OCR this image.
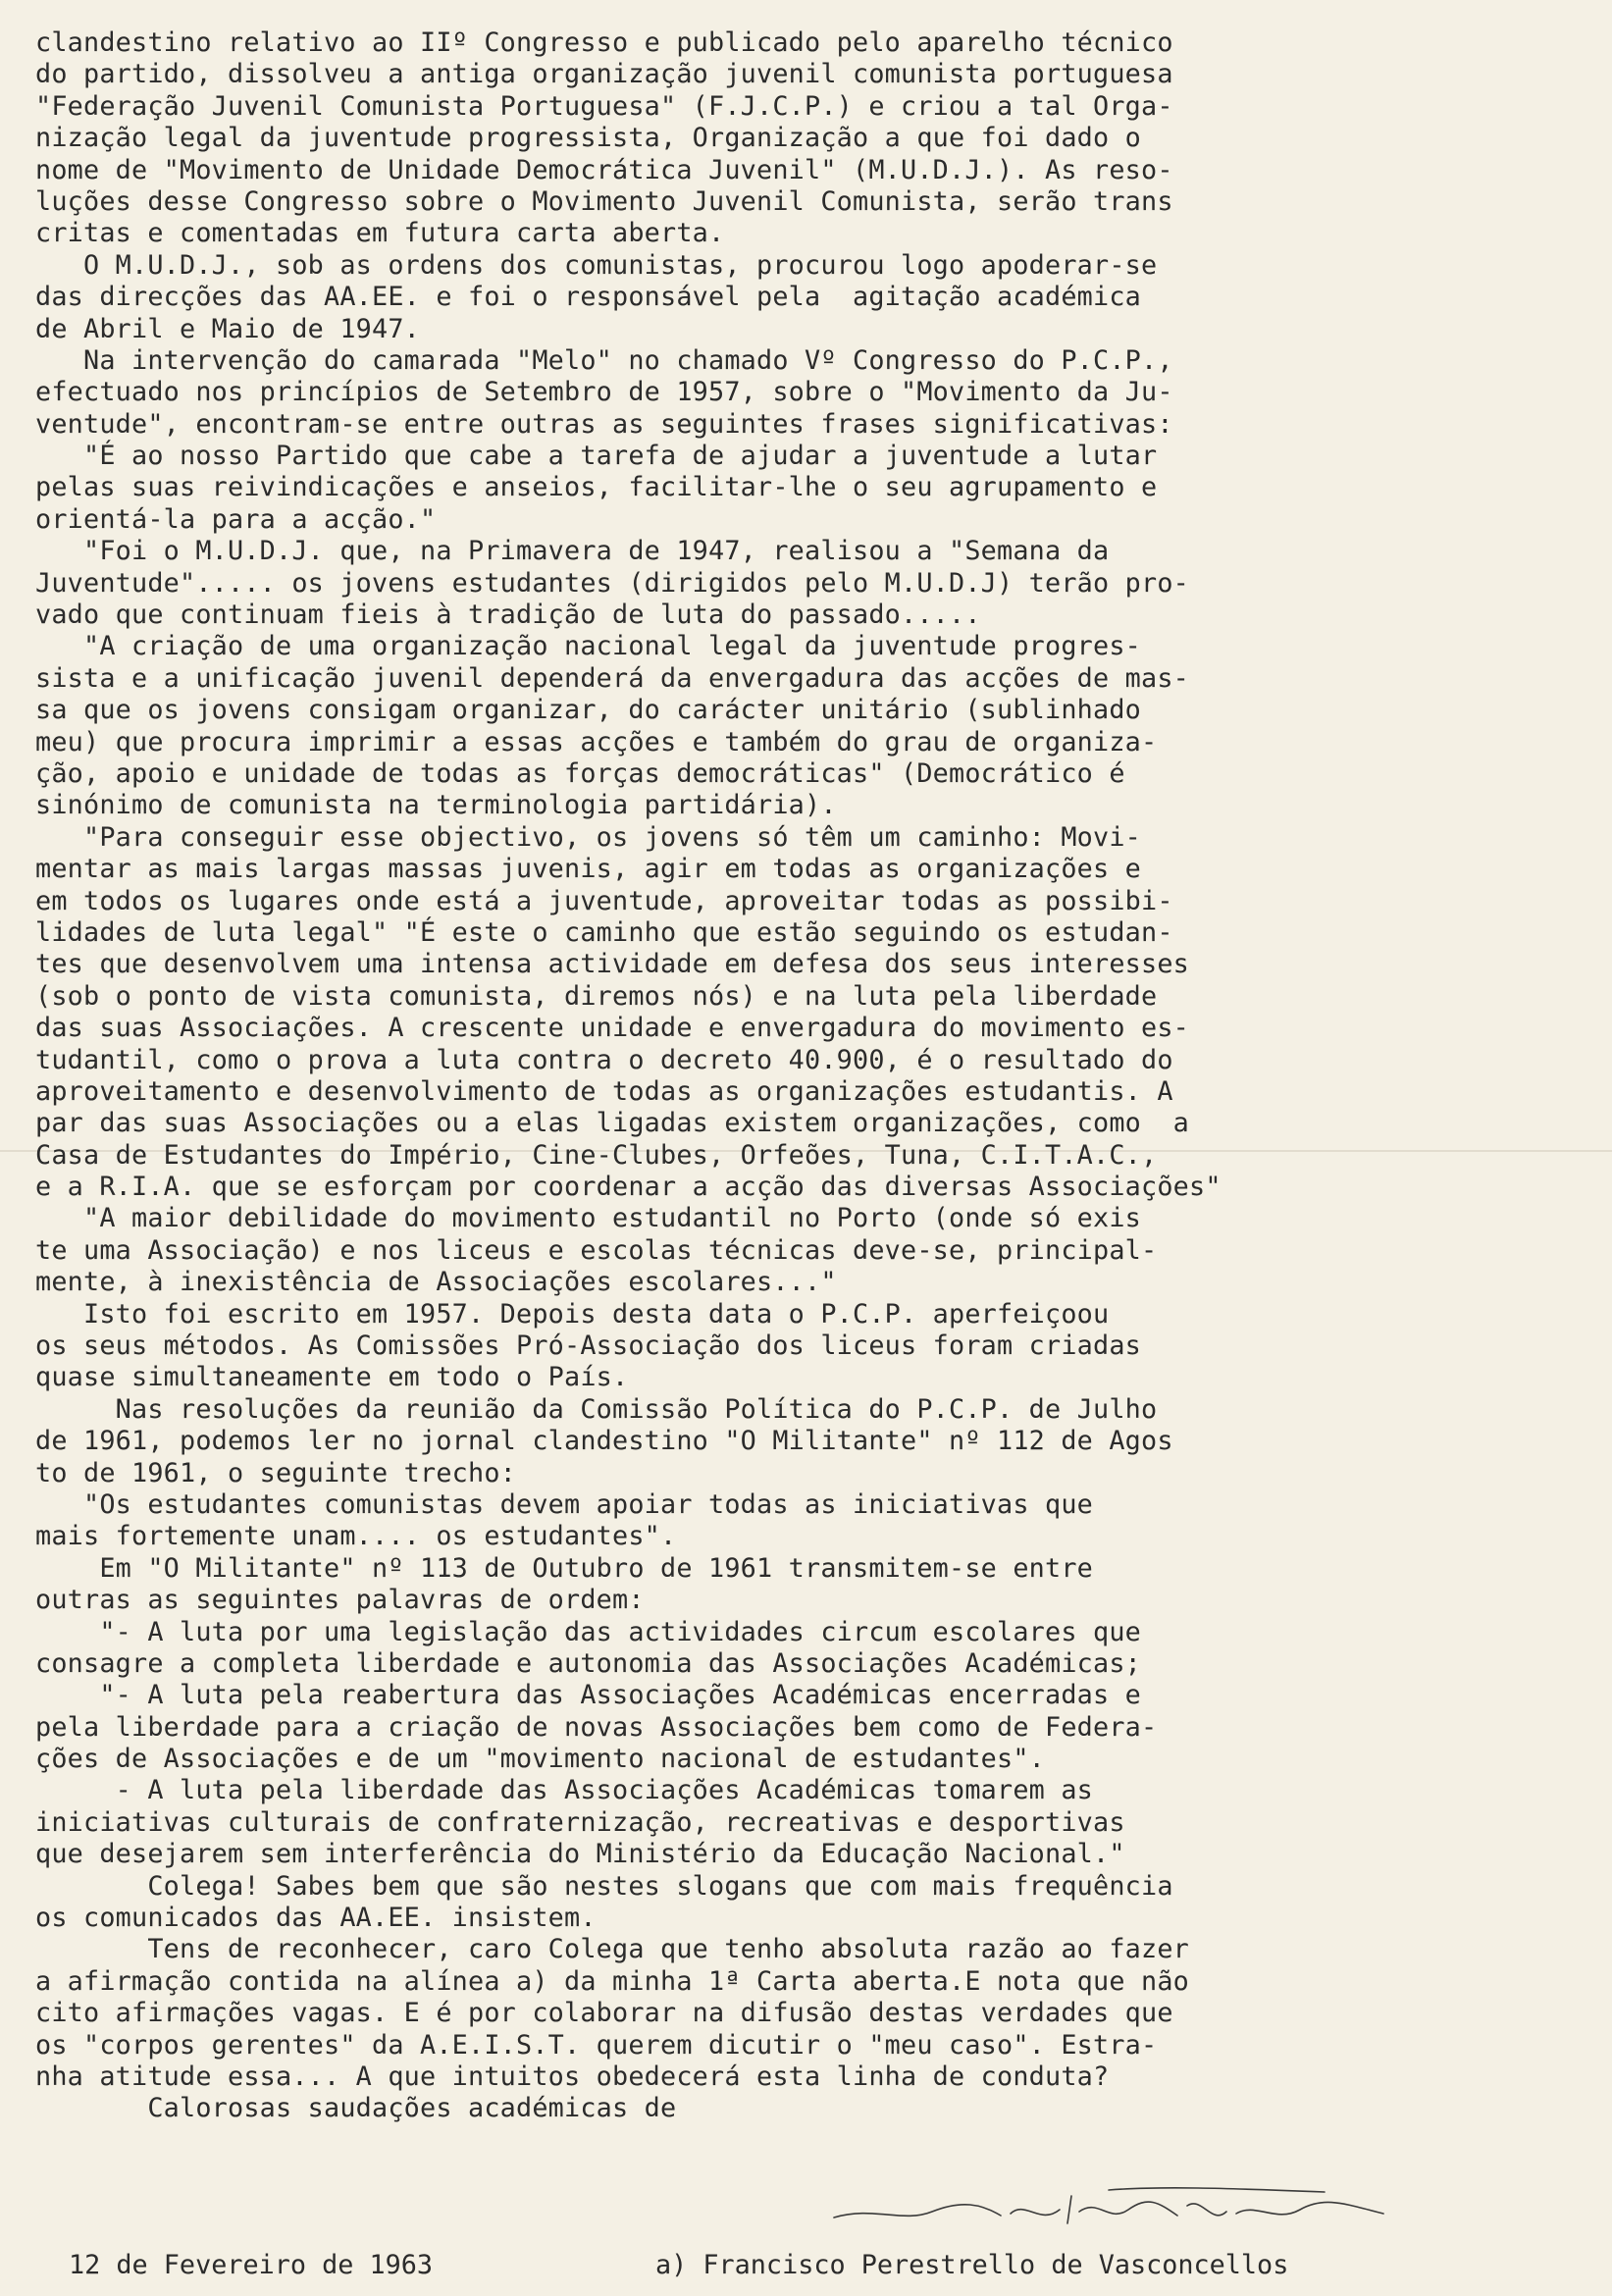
clandestino relativo ao IIº Congresso e publicado pelo aparelho técnico
do partido, dissolveu a antiga organização juvenil comunista portuguesa
"Federação Juvenil Comunista Portuguesa" (F.J.C.P.) e criou a tal Orga-
nização legal da juventude progressista, Organização a que foi dado o
nome de "Movimento de Unidade Democrática Juvenil" (M.U.D.J.). As reso-
luções desse Congresso sobre o Movimento Juvenil Comunista, serão trans
critas e comentadas em futura carta aberta.
O M.U.D.J., sob as ordens dos comunistas, procurou logo apoderar-se
das direcções das AA.EE. e foi o responsável pela  agitação académica
de Abril e Maio de 1947.
Na intervenção do camarada "Melo" no chamado Vº Congresso do P.C.P.,
efectuado nos princípios de Setembro de 1957, sobre o "Movimento da Ju-
ventude", encontram-se entre outras as seguintes frases significativas:
"É ao nosso Partido que cabe a tarefa de ajudar a juventude a lutar
pelas suas reivindicações e anseios, facilitar-lhe o seu agrupamento e
orientá-la para a acção."
"Foi o M.U.D.J. que, na Primavera de 1947, realisou a "Semana da
Juventude"..... os jovens estudantes (dirigidos pelo M.U.D.J) terão pro-
vado que continuam fieis à tradição de luta do passado.....
"A criação de uma organização nacional legal da juventude progres-
sista e a unificação juvenil dependerá da envergadura das acções de mas-
sa que os jovens consigam organizar, do carácter unitário (sublinhado
meu) que procura imprimir a essas acções e também do grau de organiza-
ção, apoio e unidade de todas as forças democráticas" (Democrático é
sinónimo de comunista na terminologia partidária).
"Para conseguir esse objectivo, os jovens só têm um caminho: Movi-
mentar as mais largas massas juvenis, agir em todas as organizações e
em todos os lugares onde está a juventude, aproveitar todas as possibi-
lidades de luta legal" "É este o caminho que estão seguindo os estudan-
tes que desenvolvem uma intensa actividade em defesa dos seus interesses
(sob o ponto de vista comunista, diremos nós) e na luta pela liberdade
das suas Associações. A crescente unidade e envergadura do movimento es-
tudantil, como o prova a luta contra o decreto 40.900, é o resultado do
aproveitamento e desenvolvimento de todas as organizações estudantis. A
par das suas Associações ou a elas ligadas existem organizações, como  a
Casa de Estudantes do Império, Cine-Clubes, Orfeões, Tuna, C.I.T.A.C.,
e a R.I.A. que se esforçam por coordenar a acção das diversas Associações"
"A maior debilidade do movimento estudantil no Porto (onde só exis
te uma Associação) e nos liceus e escolas técnicas deve-se, principal-
mente, à inexistência de Associações escolares..."
Isto foi escrito em 1957. Depois desta data o P.C.P. aperfeiçoou
os seus métodos. As Comissões Pró-Associação dos liceus foram criadas
quase simultaneamente em todo o País.
Nas resoluções da reunião da Comissão Política do P.C.P. de Julho
de 1961, podemos ler no jornal clandestino "O Militante" nº 112 de Agos
to de 1961, o seguinte trecho:
"Os estudantes comunistas devem apoiar todas as iniciativas que
mais fortemente unam.... os estudantes".
Em "O Militante" nº 113 de Outubro de 1961 transmitem-se entre
outras as seguintes palavras de ordem:
"- A luta por uma legislação das actividades circum escolares que
consagre a completa liberdade e autonomia das Associações Académicas;
"- A luta pela reabertura das Associações Académicas encerradas e
pela liberdade para a criação de novas Associações bem como de Federa-
ções de Associações e de um "movimento nacional de estudantes".
- A luta pela liberdade das Associações Académicas tomarem as
iniciativas culturais de confraternização, recreativas e desportivas
que desejarem sem interferência do Ministério da Educação Nacional."
Colega! Sabes bem que são nestes slogans que com mais frequência
os comunicados das AA.EE. insistem.
Tens de reconhecer, caro Colega que tenho absoluta razão ao fazer
a afirmação contida na alínea a) da minha 1ª Carta aberta.E nota que não
cito afirmações vagas. E é por colaborar na difusão destas verdades que
os "corpos gerentes" da A.E.I.S.T. querem dicutir o "meu caso". Estra-
nha atitude essa... A que intuitos obedecerá esta linha de conduta?
Calorosas saudações académicas de
12 de Fevereiro de 1963	a) Francisco Perestrello de Vasconcellos
